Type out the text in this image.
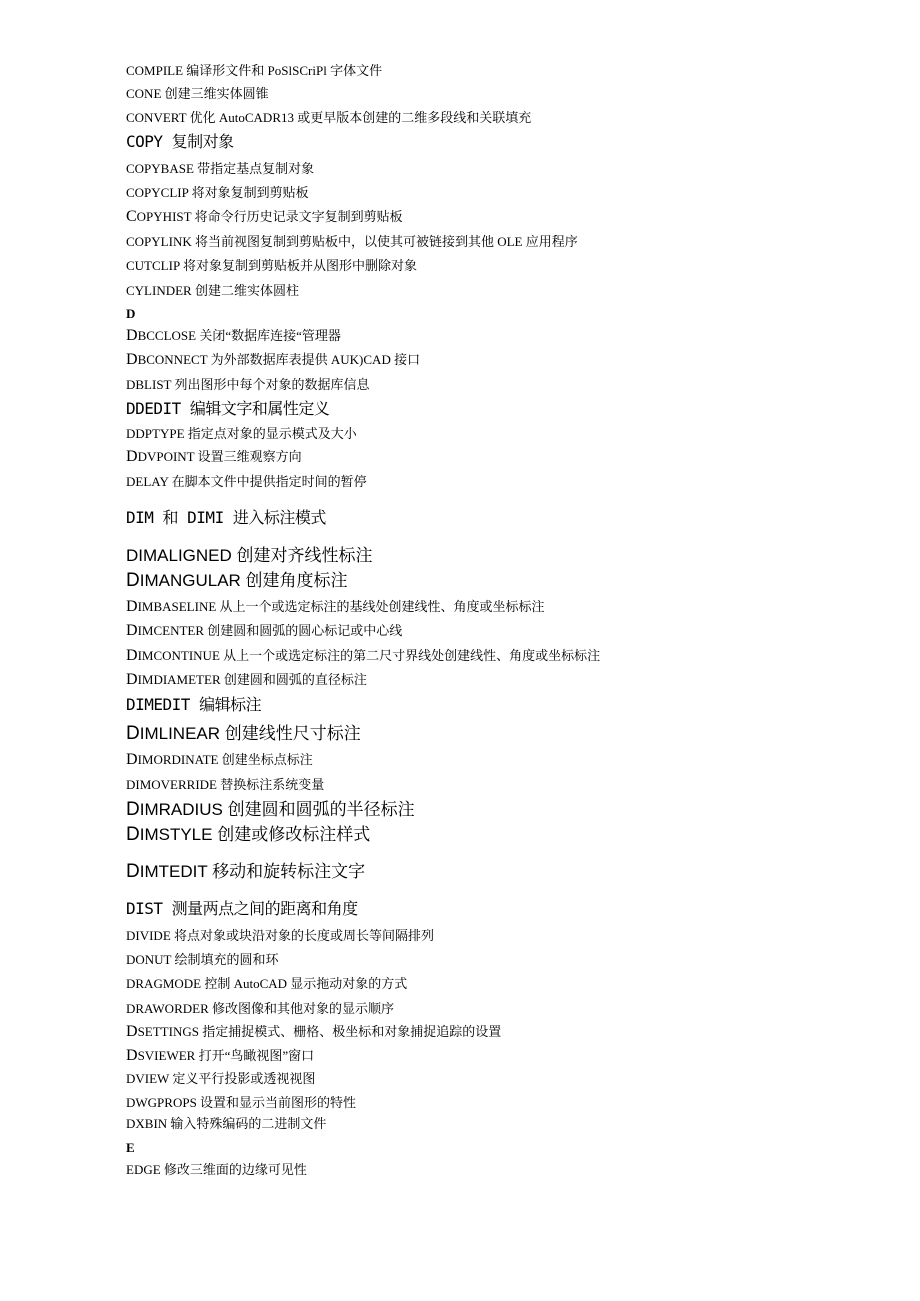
COMPILE 编译形文件和 PoSlSCriPl 字体文件
CONE 创建三维实体圆锥
CONVERT 优化 AutoCADR13 或更早版本创建的二维多段线和关联填充
COPY 复制对象
COPYBASE 带指定基点复制对象
COPYCLIP 将对象复制到剪贴板
COPYHIST 将命令行历史记录文字复制到剪贴板
COPYLINK 将当前视图复制到剪贴板中，以使其可被链接到其他 OLE 应用程序
CUTCLIP 将对象复制到剪贴板并从图形中删除对象
CYLINDER 创建二维实体圆柱
D
DBCCLOSE 关闭“数据库连接“管理器
DBCONNECT 为外部数据库表提供 AUK)CAD 接口
DBLIST 列出图形中每个对象的数据库信息
DDEDIT 编辑文字和属性定义
DDPTYPE 指定点对象的显示模式及大小
DDVPOINT 设置三维观察方向
DELAY 在脚本文件中提供指定时间的暂停
DIM 和 DIMI 进入标注模式
DIMALIGNED 创建对齐线性标注
DIMANGULAR 创建角度标注
DIMBASELINE 从上一个或选定标注的基线处创建线性、角度或坐标标注
DIMCENTER 创建圆和圆弧的圆心标记或中心线
DIMCONTINUE 从上一个或选定标注的第二尺寸界线处创建线性、角度或坐标标注
DIMDIAMETER 创建圆和圆弧的直径标注
DIMEDIT 编辑标注
DIMLINEAR 创建线性尺寸标注
DIMORDINATE 创建坐标点标注
DIMOVERRIDE 替换标注系统变量
DIMRADIUS 创建圆和圆弧的半径标注
DIMSTYLE 创建或修改标注样式
DIMTEDIT 移动和旋转标注文字
DIST 测量两点之间的距离和角度
DIVIDE 将点对象或块沿对象的长度或周长等间隔排列
DONUT 绘制填充的圆和环
DRAGMODE 控制 AutoCAD 显示拖动对象的方式
DRAWORDER 修改图像和其他对象的显示顺序
DSETTINGS 指定捕捉模式、栅格、极坐标和对象捕捉追踪的设置
DSVIEWER 打开“鸟瞰视图”窗口
DVIEW 定义平行投影或透视视图
DWGPROPS 设置和显示当前图形的特性
DXBIN 输入特殊编码的二进制文件
E
EDGE 修改三维面的边缘可见性
